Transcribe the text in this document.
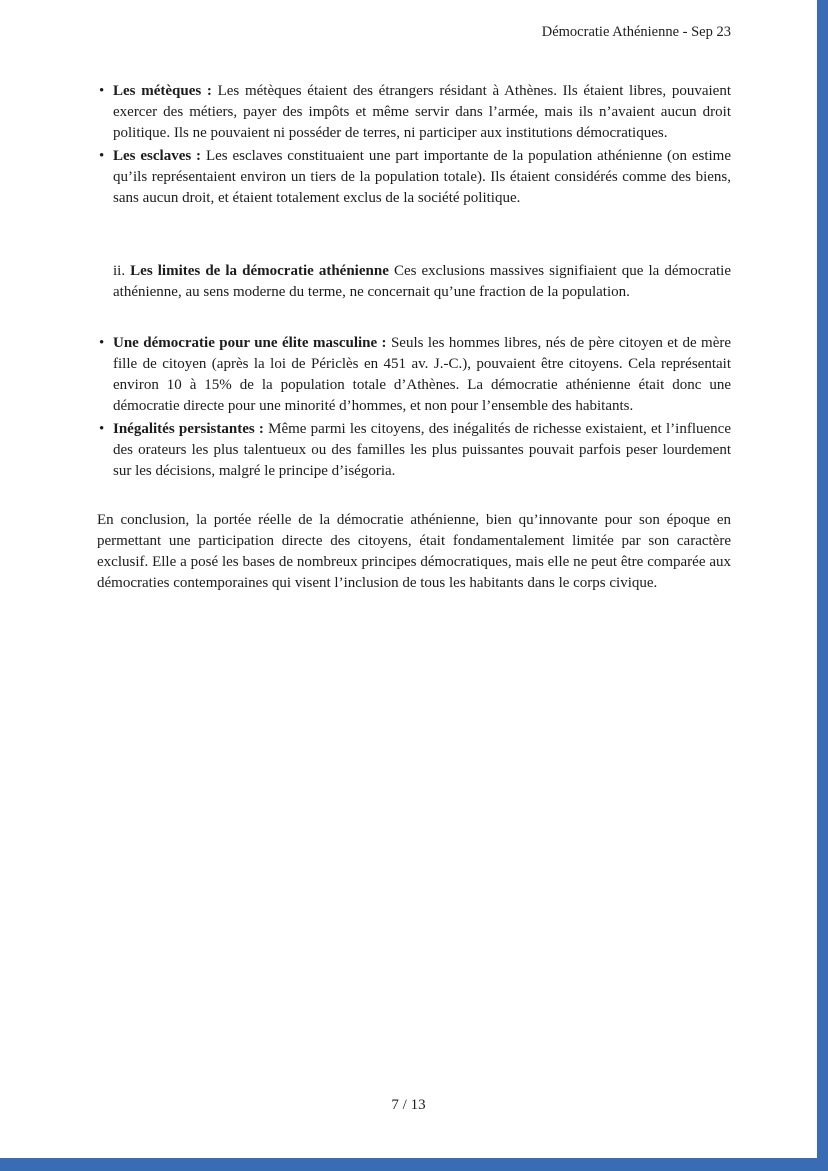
Démocratie Athénienne - Sep 23
• Les métèques : Les métèques étaient des étrangers résidant à Athènes. Ils étaient libres, pouvaient exercer des métiers, payer des impôts et même servir dans l’armée, mais ils n’avaient aucun droit politique. Ils ne pouvaient ni posséder de terres, ni participer aux institutions démocratiques.
• Les esclaves : Les esclaves constituaient une part importante de la population athénienne (on estime qu’ils représentaient environ un tiers de la population totale). Ils étaient considérés comme des biens, sans aucun droit, et étaient totalement exclus de la société politique.

ii. Les limites de la démocratie athénienne Ces exclusions massives signifiaient que la démocratie athénienne, au sens moderne du terme, ne concernait qu’une fraction de la population.

• Une démocratie pour une élite masculine : Seuls les hommes libres, nés de père citoyen et de mère fille de citoyen (après la loi de Périclès en 451 av. J.-C.), pouvaient être citoyens. Cela représentait environ 10 à 15% de la population totale d’Athènes. La démocratie athénienne était donc une démocratie directe pour une minorité d’hommes, et non pour l’ensemble des habitants.
• Inégalités persistantes : Même parmi les citoyens, des inégalités de richesse existaient, et l’influence des orateurs les plus talentueux ou des familles les plus puissantes pouvait parfois peser lourdement sur les décisions, malgré le principe d’iségoria.

En conclusion, la portée réelle de la démocratie athénienne, bien qu’innovante pour son époque en permettant une participation directe des citoyens, était fondamentalement limitée par son caractère exclusif. Elle a posé les bases de nombreux principes démocratiques, mais elle ne peut être comparée aux démocraties contemporaines qui visent l’inclusion de tous les habitants dans le corps civique.

7 / 13
